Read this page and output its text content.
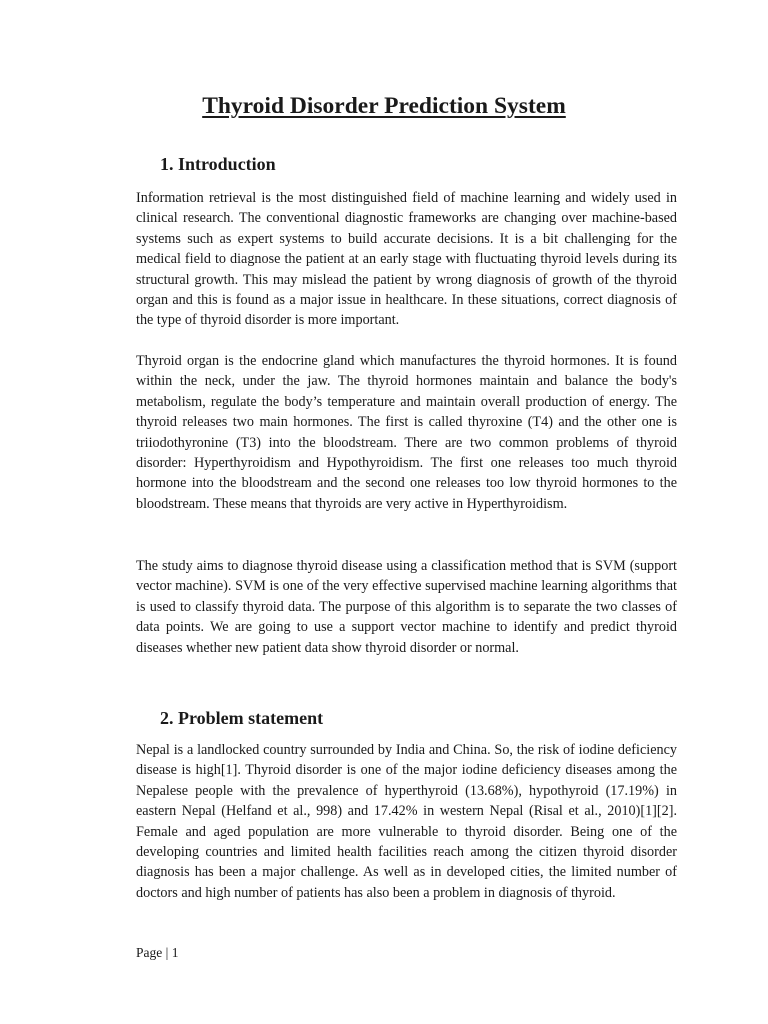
Thyroid Disorder Prediction System
1. Introduction

Information retrieval is the most distinguished field of machine learning and widely used in clinical research. The conventional diagnostic frameworks are changing over machine-based systems such as expert systems to build accurate decisions. It is a bit challenging for the medical field to diagnose the patient at an early stage with fluctuating thyroid levels during its structural growth. This may mislead the patient by wrong diagnosis of growth of the thyroid organ and this is found as a major issue in healthcare. In these situations, correct diagnosis of the type of thyroid disorder is more important.

Thyroid organ is the endocrine gland which manufactures the thyroid hormones. It is found within the neck, under the jaw. The thyroid hormones maintain and balance the body's metabolism, regulate the body’s temperature and maintain overall production of energy. The thyroid releases two main hormones. The first is called thyroxine (T4) and the other one is triiodothyronine (T3) into the bloodstream. There are two common problems of thyroid disorder: Hyperthyroidism and Hypothyroidism. The first one releases too much thyroid hormone into the bloodstream and the second one releases too low thyroid hormones to the bloodstream. These means that thyroids are very active in Hyperthyroidism.

The study aims to diagnose thyroid disease using a classification method that is SVM (support vector machine). SVM is one of the very effective supervised machine learning algorithms that is used to classify thyroid data. The purpose of this algorithm is to separate the two classes of data points. We are going to use a support vector machine to identify and predict thyroid diseases whether new patient data show thyroid disorder or normal.

2. Problem statement

Nepal is a landlocked country surrounded by India and China. So, the risk of iodine deficiency disease is high[1]. Thyroid disorder is one of the major iodine deficiency diseases among the Nepalese people with the prevalence of hyperthyroid (13.68%), hypothyroid (17.19%) in eastern Nepal (Helfand et al., 998) and 17.42% in western Nepal (Risal et al., 2010)[1][2]. Female and aged population are more vulnerable to thyroid disorder. Being one of the developing countries and limited health facilities reach among the citizen thyroid disorder diagnosis has been a major challenge. As well as in developed cities, the limited number of doctors and high number of patients has also been a problem in diagnosis of thyroid.

Page | 1
